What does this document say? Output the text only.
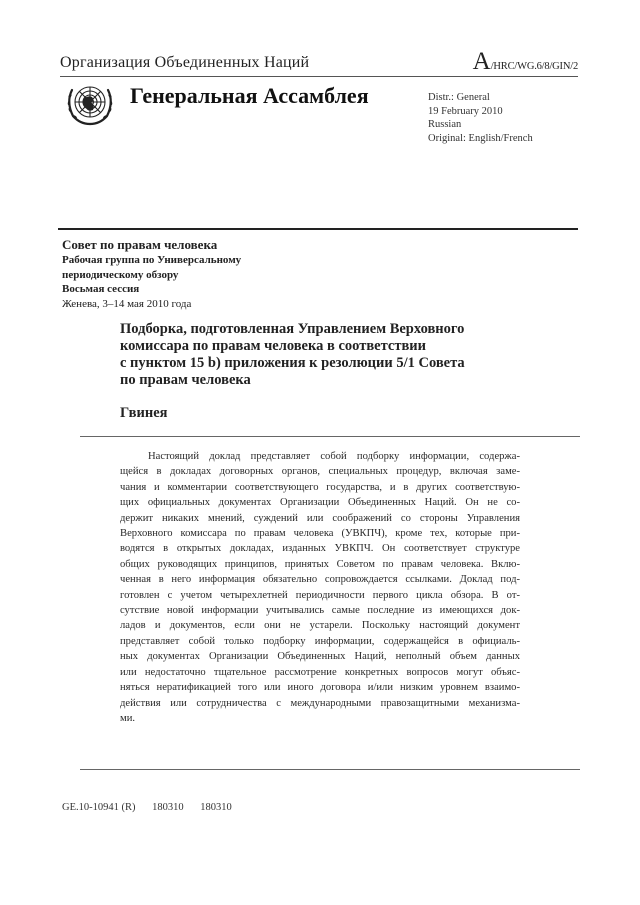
Организация Объединенных Наций	A/HRC/WG.6/8/GIN/2
Генеральная Ассамблея	Distr.: General
19 February 2010
Russian
Original: English/French
Совет по правам человека
Рабочая группа по Универсальному
периодическому обзору
Восьмая сессия
Женева, 3–14 мая 2010 года
Подборка, подготовленная Управлением Верховного
комиссара по правам человека в соответствии
с пунктом 15 b) приложения к резолюции 5/1 Совета
по правам человека
Гвинея
Настоящий доклад представляет собой подборку информации, содержа-
щейся в докладах договорных органов, специальных процедур, включая заме-
чания и комментарии соответствующего государства, и в других соответствую-
щих официальных документах Организации Объединенных Наций. Он не со-
держит никаких мнений, суждений или соображений со стороны Управления
Верховного комиссара по правам человека (УВКПЧ), кроме тех, которые при-
водятся в открытых докладах, изданных УВКПЧ. Он соответствует структуре
общих руководящих принципов, принятых Советом по правам человека. Вклю-
ченная в него информация обязательно сопровождается ссылками. Доклад под-
готовлен с учетом четырехлетней периодичности первого цикла обзора. В от-
сутствие новой информации учитывались самые последние из имеющихся док-
ладов и документов, если они не устарели. Поскольку настоящий документ
представляет собой только подборку информации, содержащейся в официаль-
ных документах Организации Объединенных Наций, неполный объем данных
или недостаточно тщательное рассмотрение конкретных вопросов могут объяс-
няться нератификацией того или иного договора и/или низким уровнем взаимо-
действия или сотрудничества с международными правозащитными механизма-
ми.
GE.10-10941 (R) 180310 180310
